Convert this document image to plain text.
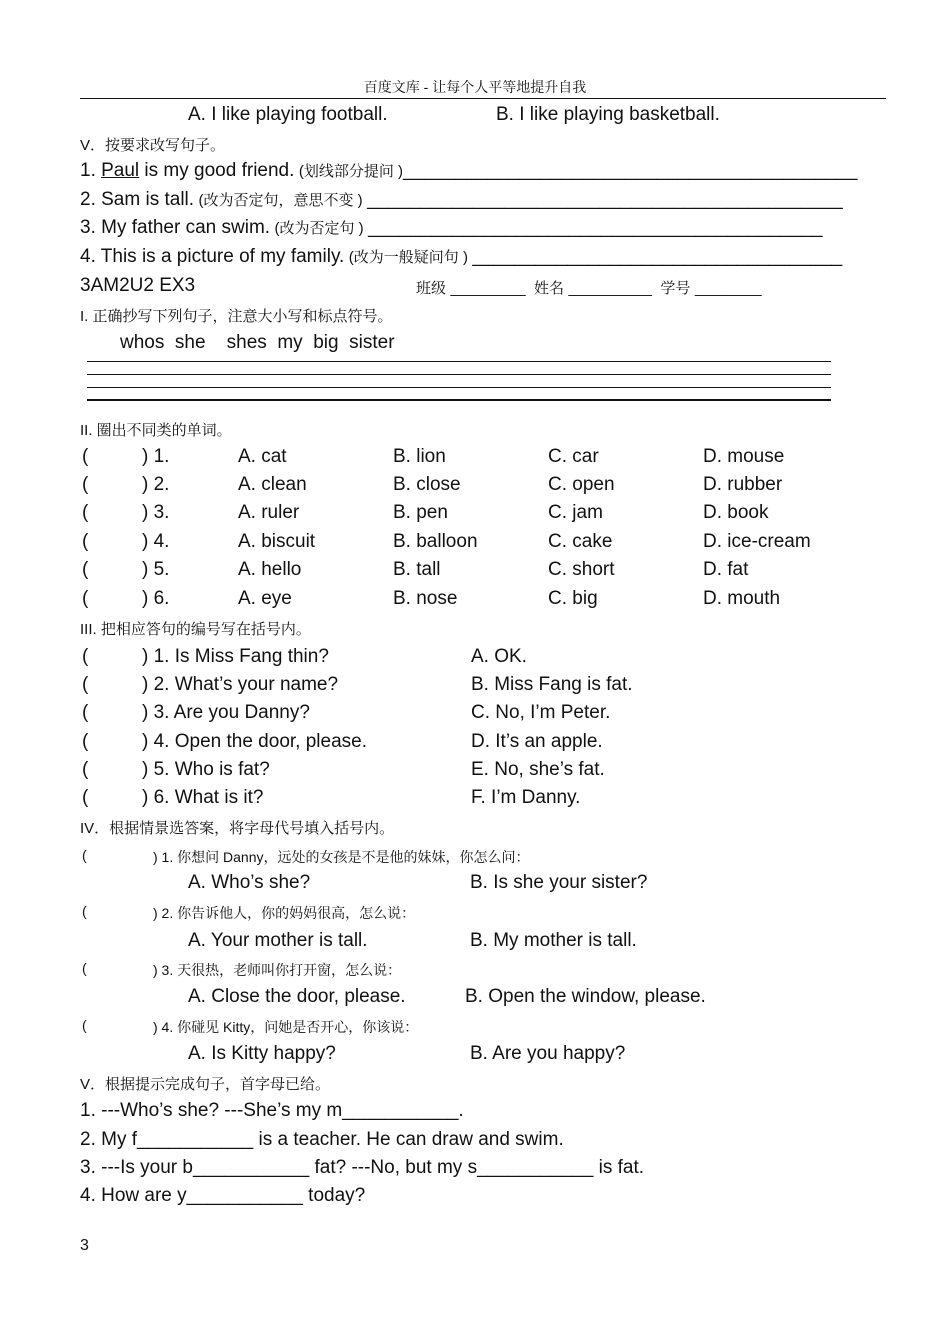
百度文库 - 让每个人平等地提升自我
A. I like playing football.	B. I like playing basketball.
V．按要求改写句子。
1. Paul is my good friend. (划线部分提问 )___________________________________________
2. Sam is tall. (改为否定句，意思不变 ) _____________________________________________
3. My father can swim. (改为否定句 ) ___________________________________________
4. This is a picture of my family. (改为一般疑问句 ) ___________________________________
3AM2U2 EX3	班级 _________ 姓名 __________ 学号 ________
I. 正确抄写下列句子，注意大小写和标点符号。
whos  she    shes  my  big  sister
II. 圈出不同类的单词。
(	) 1.	A. cat	B. lion	C. car	D. mouse
(	) 2.	A. clean	B. close	C. open	D. rubber
(	) 3.	A. ruler	B. pen	C. jam	D. book
(	) 4.	A. biscuit	B. balloon	C. cake	D. ice-cream
(	) 5.	A. hello	B. tall	C. short	D. fat
(	) 6.	A. eye	B. nose	C. big	D. mouth
III. 把相应答句的编号写在括号内。
(	) 1. Is Miss Fang thin?	A. OK.
(	) 2. What’s your name?	B. Miss Fang is fat.
(	) 3. Are you Danny?	C. No, I’m Peter.
(	) 4. Open the door, please.	D. It’s an apple.
(	) 5. Who is fat?	E. No, she’s fat.
(	) 6. What is it?	F. I’m Danny.
IV．根据情景选答案，将字母代号填入括号内。
(	) 1. 你想问 Danny，远处的女孩是不是他的妹妹，你怎么问：
A. Who’s she?	B. Is she your sister?
(	) 2. 你告诉他人，你的妈妈很高，怎么说：
A. Your mother is tall.	B. My mother is tall.
(	) 3. 天很热，老师叫你打开窗，怎么说：
A. Close the door, please.	B. Open the window, please.
(	) 4. 你碰见 Kitty，问她是否开心，你该说：
A. Is Kitty happy?	B. Are you happy?
V．根据提示完成句子，首字母已给。
1. ---Who’s she? ---She’s my m___________.
2. My f___________ is a teacher. He can draw and swim.
3. ---Is your b___________ fat? ---No, but my s___________ is fat.
4. How are y___________ today?
3
